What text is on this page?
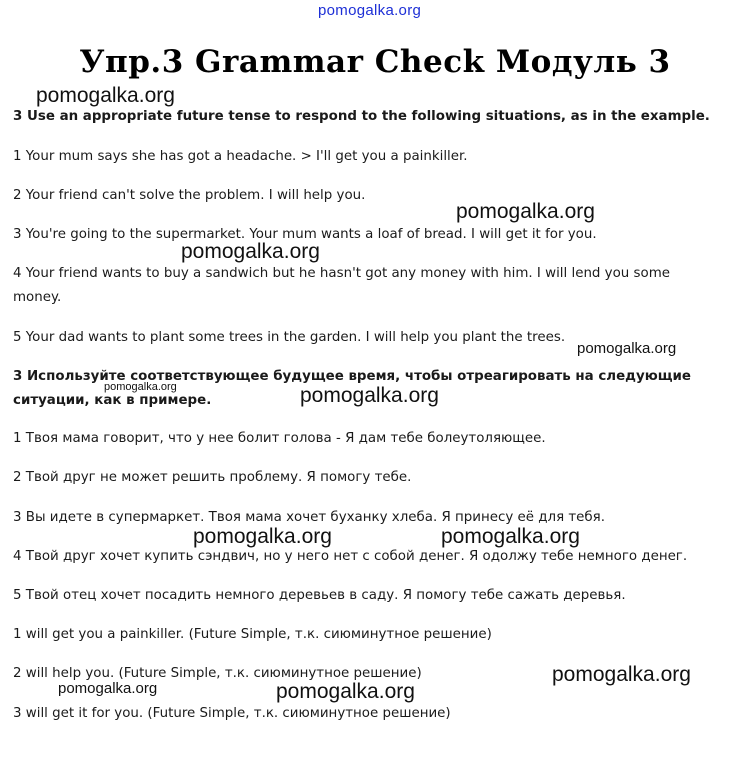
pomogalka.org
Упр.3 Grammar Check Модуль 3
3 Use an appropriate future tense to respond to the following situations, as in the example.
1 Your mum says she has got a headache. > I'll get you a painkiller.
2 Your friend can't solve the problem. I will help you.
3 You're going to the supermarket. Your mum wants a loaf of bread. I will get it for you.
4 Your friend wants to buy a sandwich but he hasn't got any money with him. I will lend you some money.
5 Your dad wants to plant some trees in the garden. I will help you plant the trees.
3 Используйте соответствующее будущее время, чтобы отреагировать на следующие ситуации, как в примере.
1 Твоя мама говорит, что у нее болит голова - Я дам тебе болеутоляющее.
2 Твой друг не может решить проблему. Я помогу тебе.
3 Вы идете в супермаркет. Твоя мама хочет буханку хлеба. Я принесу её для тебя.
4 Твой друг хочет купить сэндвич, но у него нет с собой денег. Я одолжу тебе немного денег.
5 Твой отец хочет посадить немного деревьев в саду. Я помогу тебе сажать деревья.
1 will get you a painkiller. (Future Simple, т.к. сиюминутное решение)
2 will help you. (Future Simple, т.к. сиюминутное решение)
3 will get it for you. (Future Simple, т.к. сиюминутное решение)
pomogalka.org
pomogalka.org
pomogalka.org
pomogalka.org
pomogalka.org	pomogalka.org
pomogalka.org	pomogalka.org
pomogalka.org
pomogalka.org	pomogalka.org
